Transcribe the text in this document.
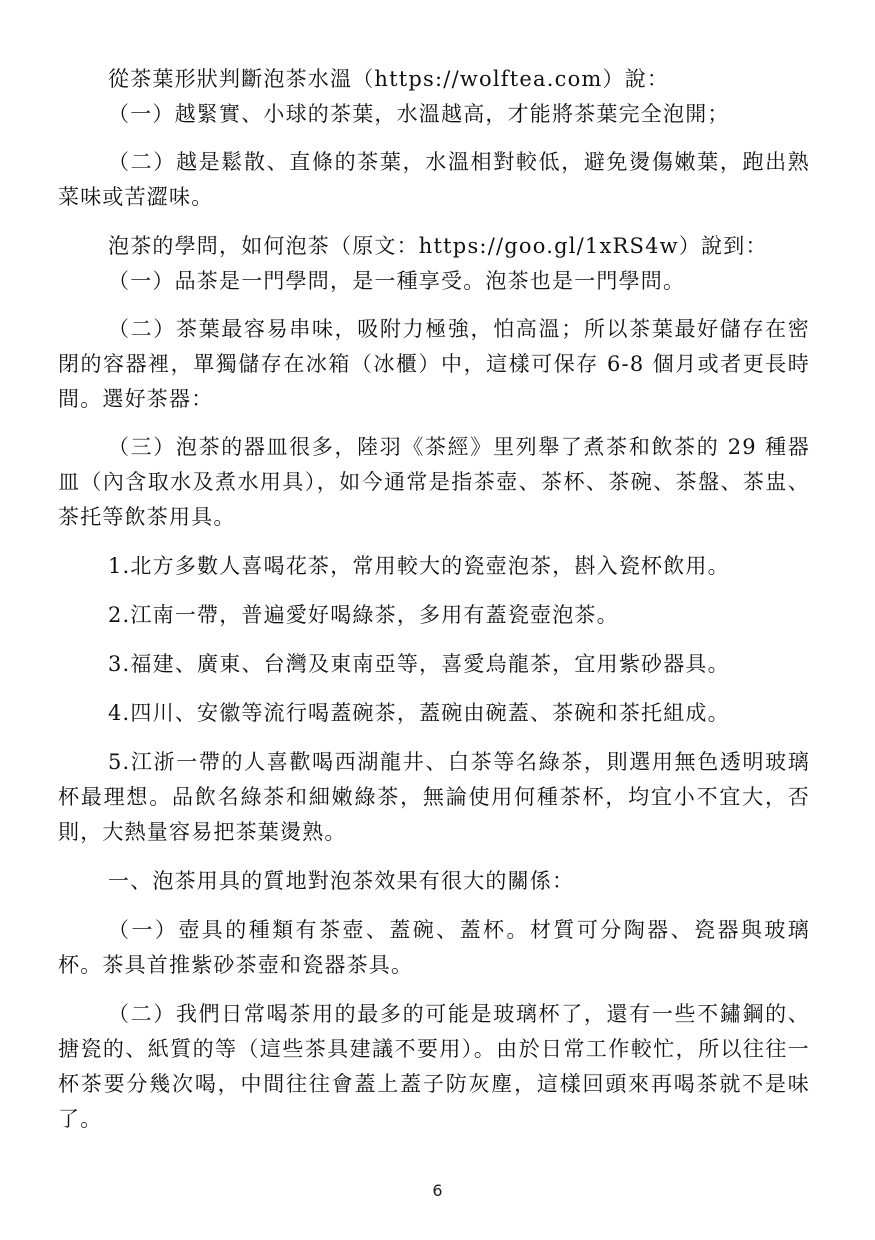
從茶葉形狀判斷泡茶水溫（https://wolftea.com）說：

（一）越緊實、小球的茶葉，水溫越高，才能將茶葉完全泡開；

（二）越是鬆散、直條的茶葉，水溫相對較低，避免燙傷嫩葉，跑出熟菜味或苦澀味。

泡茶的學問，如何泡茶（原文：https://goo.gl/1xRS4w）說到：

（一）品茶是一門學問，是一種享受。泡茶也是一門學問。

（二）茶葉最容易串味，吸附力極強，怕高溫；所以茶葉最好儲存在密閉的容器裡，單獨儲存在冰箱（冰櫃）中，這樣可保存 6-8 個月或者更長時間。選好茶器：

（三）泡茶的器皿很多，陸羽《茶經》里列舉了煮茶和飲茶的 29 種器皿（內含取水及煮水用具），如今通常是指茶壺、茶杯、茶碗、茶盤、茶盅、茶托等飲茶用具。

1.北方多數人喜喝花茶，常用較大的瓷壺泡茶，斟入瓷杯飲用。

2.江南一帶，普遍愛好喝綠茶，多用有蓋瓷壺泡茶。

3.福建、廣東、台灣及東南亞等，喜愛烏龍茶，宜用紫砂器具。

4.四川、安徽等流行喝蓋碗茶，蓋碗由碗蓋、茶碗和茶托組成。

5.江浙一帶的人喜歡喝西湖龍井、白茶等名綠茶，則選用無色透明玻璃杯最理想。品飲名綠茶和細嫩綠茶，無論使用何種茶杯，均宜小不宜大，否則，大熱量容易把茶葉燙熟。

一、泡茶用具的質地對泡茶效果有很大的關係：

（一）壺具的種類有茶壺、蓋碗、蓋杯。材質可分陶器、瓷器與玻璃杯。茶具首推紫砂茶壺和瓷器茶具。

（二）我們日常喝茶用的最多的可能是玻璃杯了，還有一些不鏽鋼的、搪瓷的、紙質的等（這些茶具建議不要用）。由於日常工作較忙，所以往往一杯茶要分幾次喝，中間往往會蓋上蓋子防灰塵，這樣回頭來再喝茶就不是味了。

6
